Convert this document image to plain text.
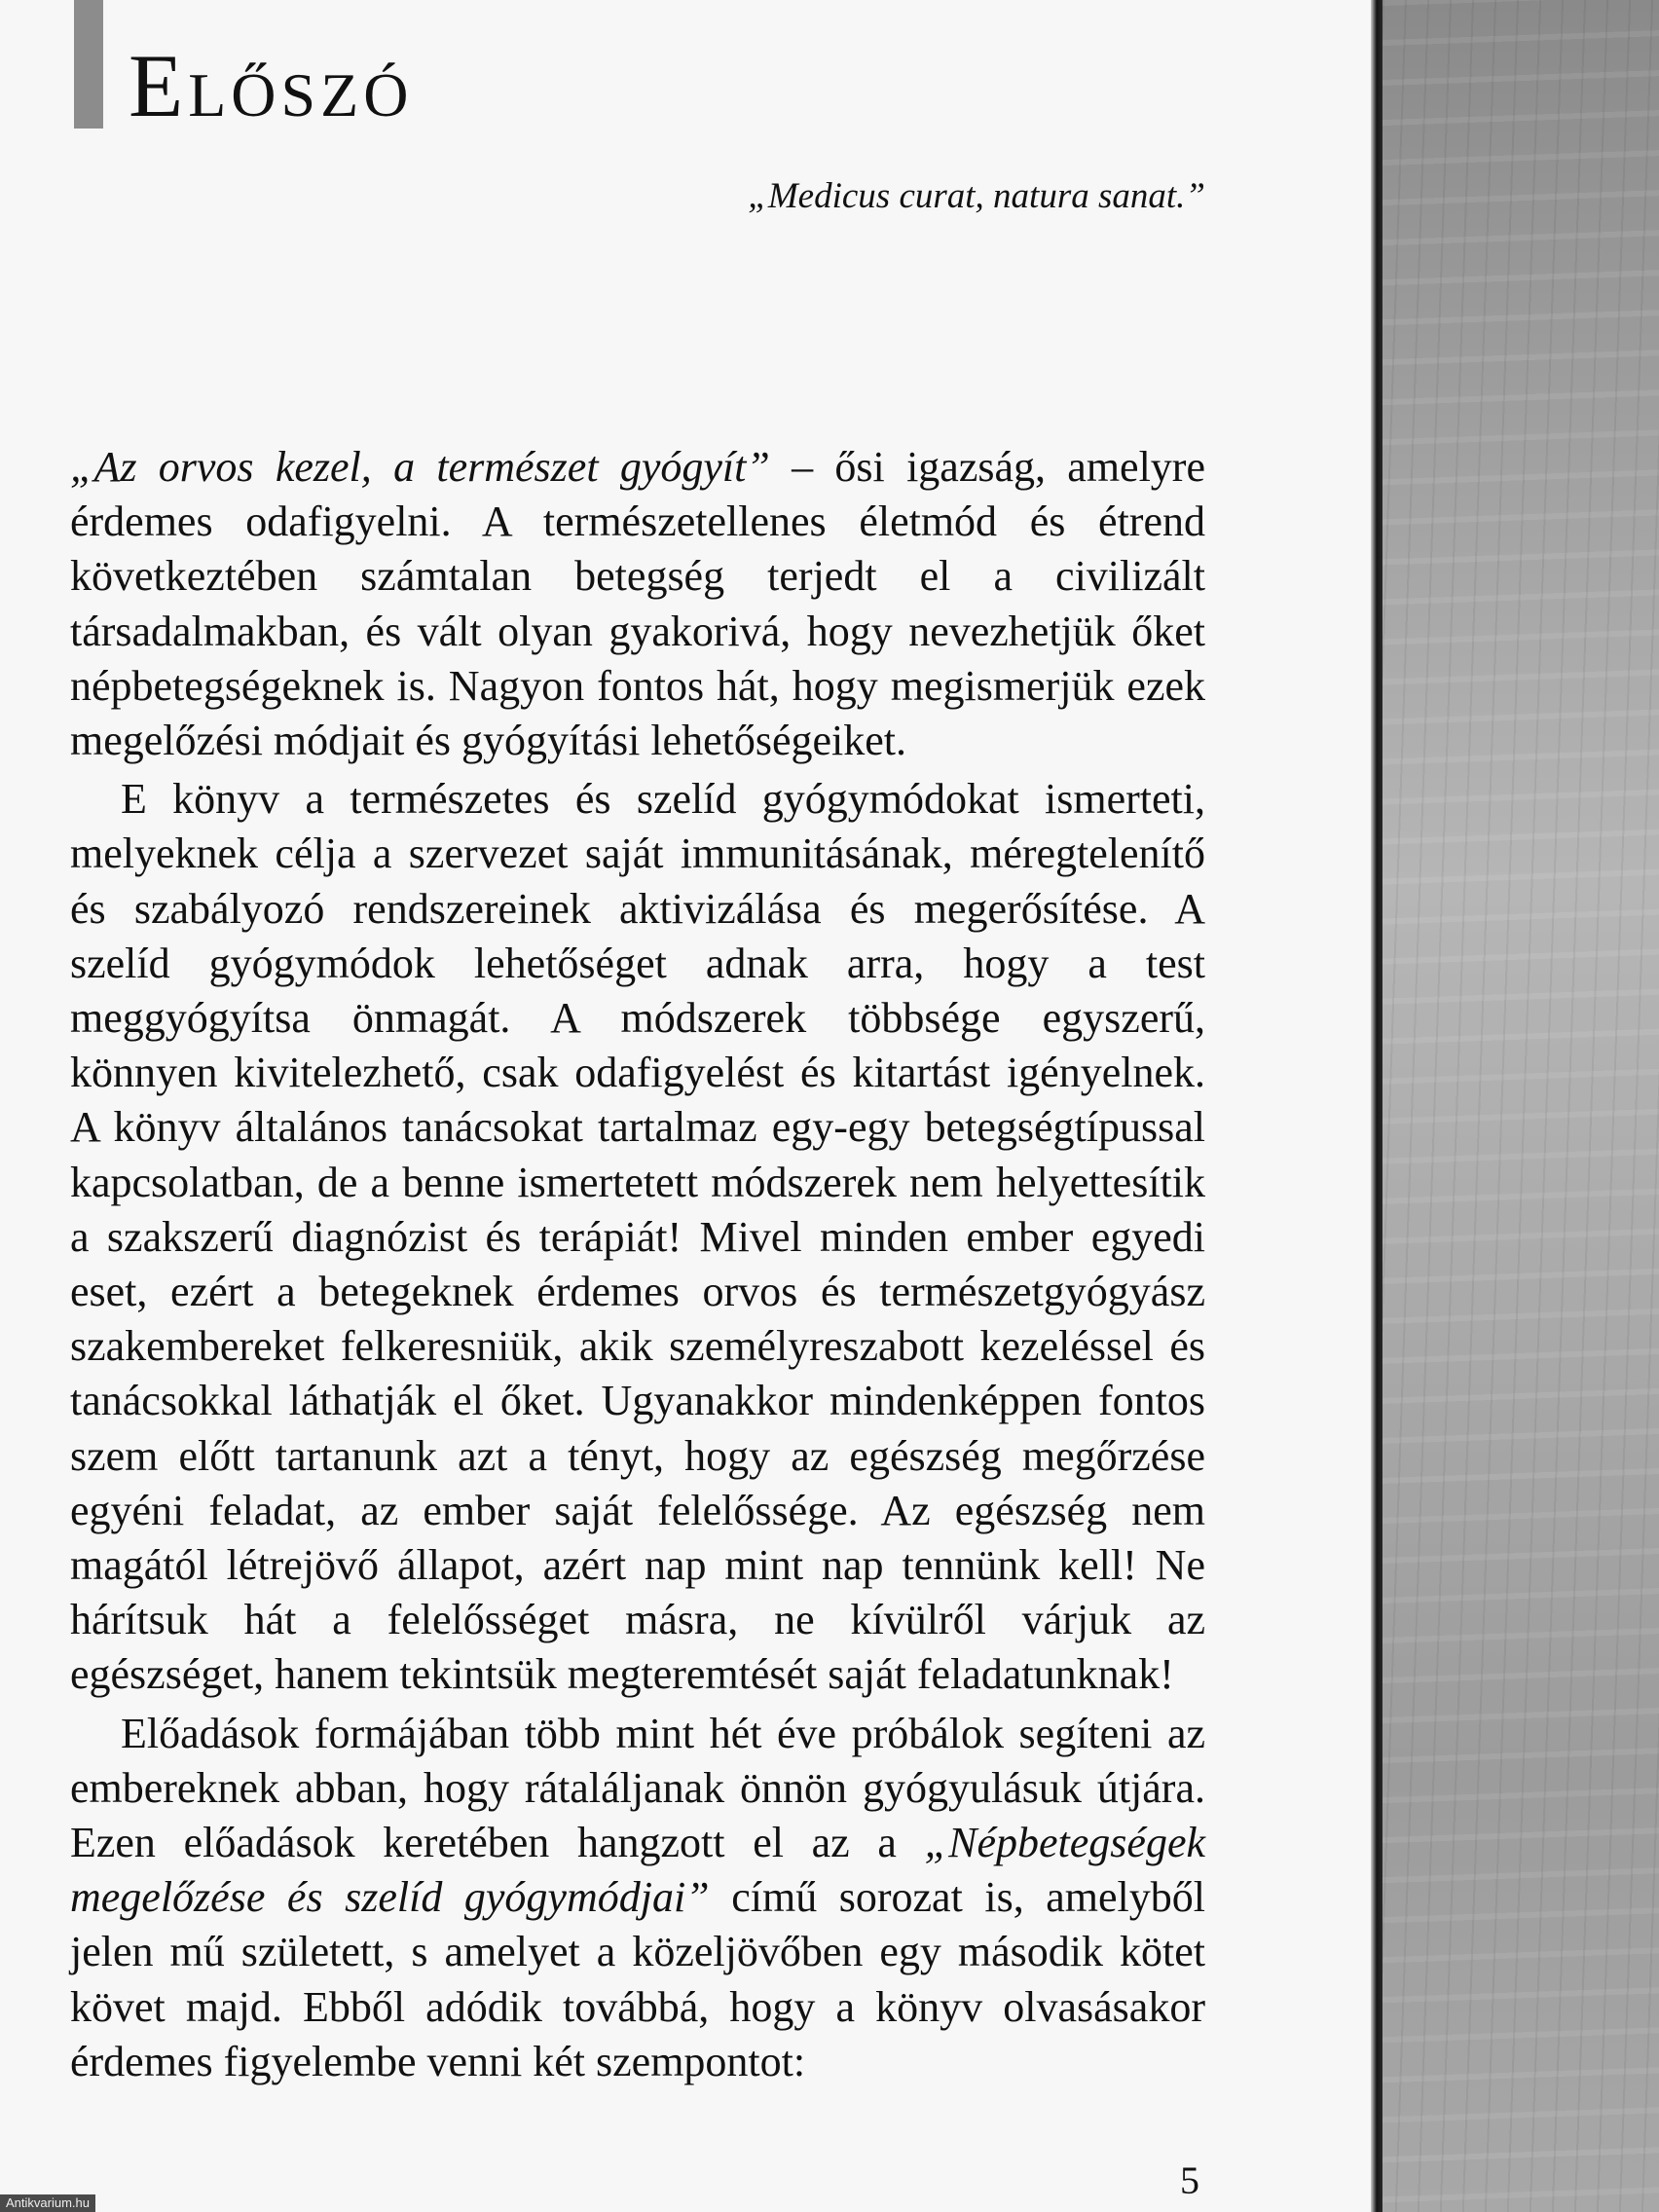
Előszó
„Medicus curat, natura sanat.”

„Az orvos kezel, a természet gyógyít” – ősi igazság, amelyre érdemes odafigyelni. A természetellenes életmód és étrend következtében számtalan betegség terjedt el a civilizált társadalmakban, és vált olyan gyakorivá, hogy nevezhetjük őket népbetegségeknek is. Nagyon fontos hát, hogy megismerjük ezek megelőzési módjait és gyógyítási lehetőségeiket.

E könyv a természetes és szelíd gyógymódokat ismerteti, melyeknek célja a szervezet saját immunitásának, méregtelenítő és szabályozó rendszereinek aktivizálása és megerősítése. A szelíd gyógymódok lehetőséget adnak arra, hogy a test meggyógyítsa önmagát. A módszerek többsége egyszerű, könnyen kivitelezhető, csak odafigyelést és kitartást igényelnek. A könyv általános tanácsokat tartalmaz egy-egy betegségtípussal kapcsolatban, de a benne ismertetett módszerek nem helyettesítik a szakszerű diagnózist és terápiát! Mivel minden ember egyedi eset, ezért a betegeknek érdemes orvos és természetgyógyász szakembereket felkeresniük, akik személyreszabott kezeléssel és tanácsokkal láthatják el őket. Ugyanakkor mindenképpen fontos szem előtt tartanunk azt a tényt, hogy az egészség megőrzése egyéni feladat, az ember saját felelőssége. Az egészség nem magától létrejövő állapot, azért nap mint nap tennünk kell! Ne hárítsuk hát a felelősséget másra, ne kívülről várjuk az egészséget, hanem tekintsük megteremtését saját feladatunknak!

Előadások formájában több mint hét éve próbálok segíteni az embereknek abban, hogy rátaláljanak önnön gyógyulásuk útjára. Ezen előadások keretében hangzott el az a „Népbetegségek megelőzése és szelíd gyógymódjai” című sorozat is, amelyből jelen mű született, s amelyet a közeljövőben egy második kötet követ majd. Ebből adódik továbbá, hogy a könyv olvasásakor érdemes figyelembe venni két szempontot:

5
Antikvarium.hu
